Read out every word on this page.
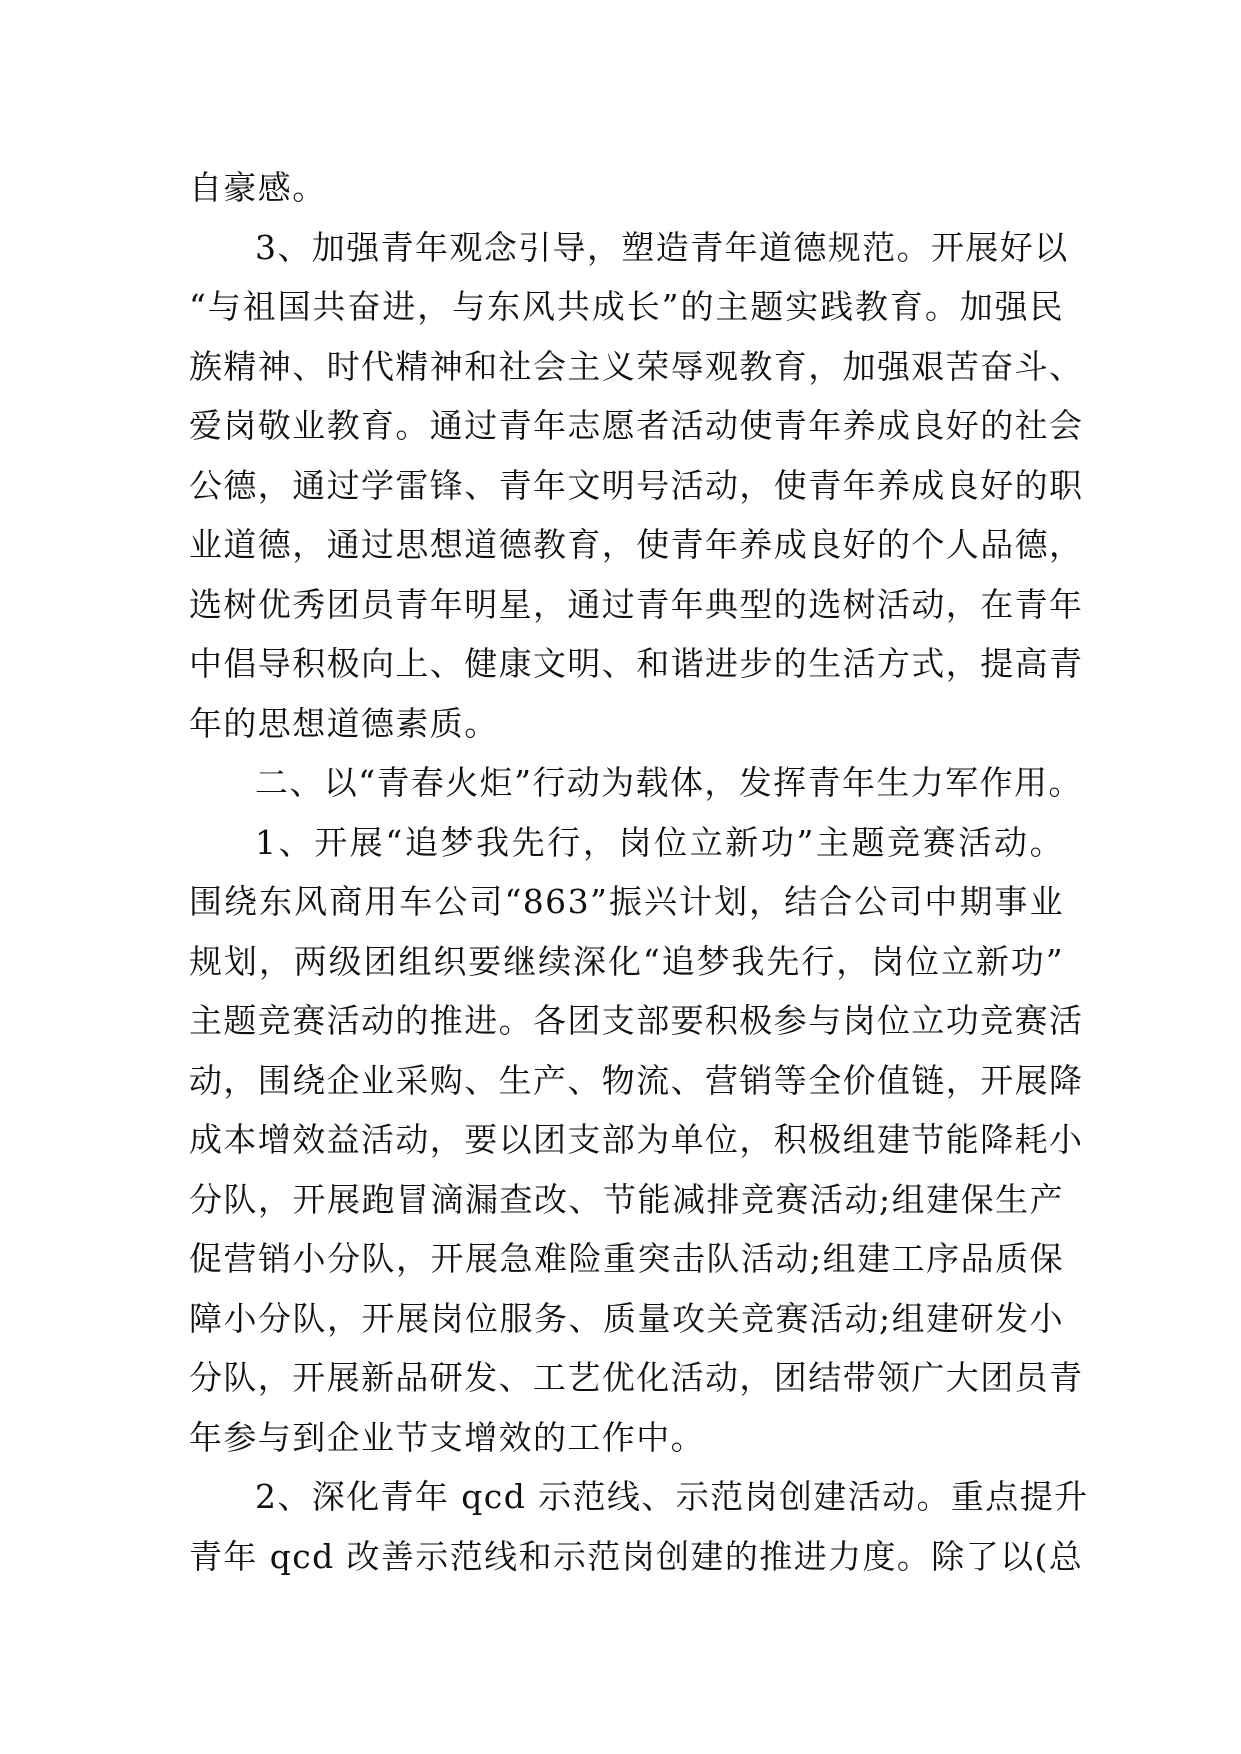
自豪感。
3、加强青年观念引导，塑造青年道德规范。开展好以
“与祖国共奋进，与东风共成长”的主题实践教育。加强民
族精神、时代精神和社会主义荣辱观教育，加强艰苦奋斗、
爱岗敬业教育。通过青年志愿者活动使青年养成良好的社会
公德，通过学雷锋、青年文明号活动，使青年养成良好的职
业道德，通过思想道德教育，使青年养成良好的个人品德，
选树优秀团员青年明星，通过青年典型的选树活动，在青年
中倡导积极向上、健康文明、和谐进步的生活方式，提高青
年的思想道德素质。
二、以“青春火炬”行动为载体，发挥青年生力军作用。
1、开展“追梦我先行，岗位立新功”主题竞赛活动。
围绕东风商用车公司“863”振兴计划，结合公司中期事业
规划，两级团组织要继续深化“追梦我先行，岗位立新功”
主题竞赛活动的推进。各团支部要积极参与岗位立功竞赛活
动，围绕企业采购、生产、物流、营销等全价值链，开展降
成本增效益活动，要以团支部为单位，积极组建节能降耗小
分队，开展跑冒滴漏查改、节能减排竞赛活动;组建保生产
促营销小分队，开展急难险重突击队活动;组建工序品质保
障小分队，开展岗位服务、质量攻关竞赛活动;组建研发小
分队，开展新品研发、工艺优化活动，团结带领广大团员青
年参与到企业节支增效的工作中。
2、深化青年 qcd 示范线、示范岗创建活动。重点提升
青年 qcd 改善示范线和示范岗创建的推进力度。除了以(总
